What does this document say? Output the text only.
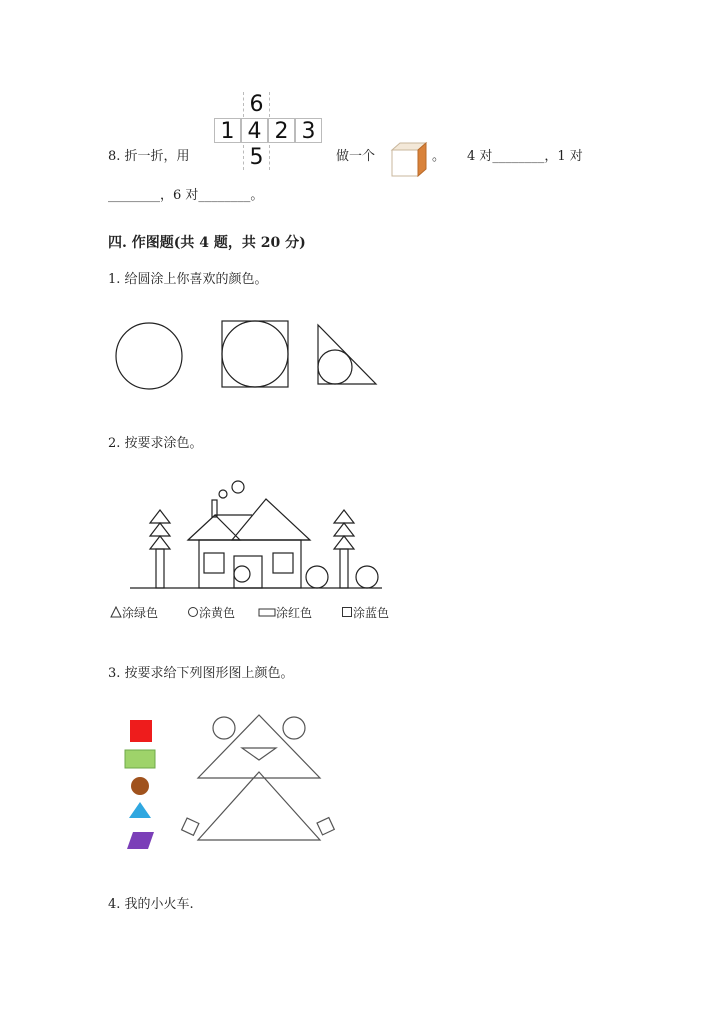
8. 折一折，用
6
1 4 2 3
5	做一个	。 4 对________，1 对
________，6 对________。
四. 作图题(共 4 题，共 20 分)
1. 给圆涂上你喜欢的颜色。
2. 按要求涂色。
涂绿色	涂黄色	涂红色	涂蓝色
3. 按要求给下列图形图上颜色。
4. 我的小火车.
